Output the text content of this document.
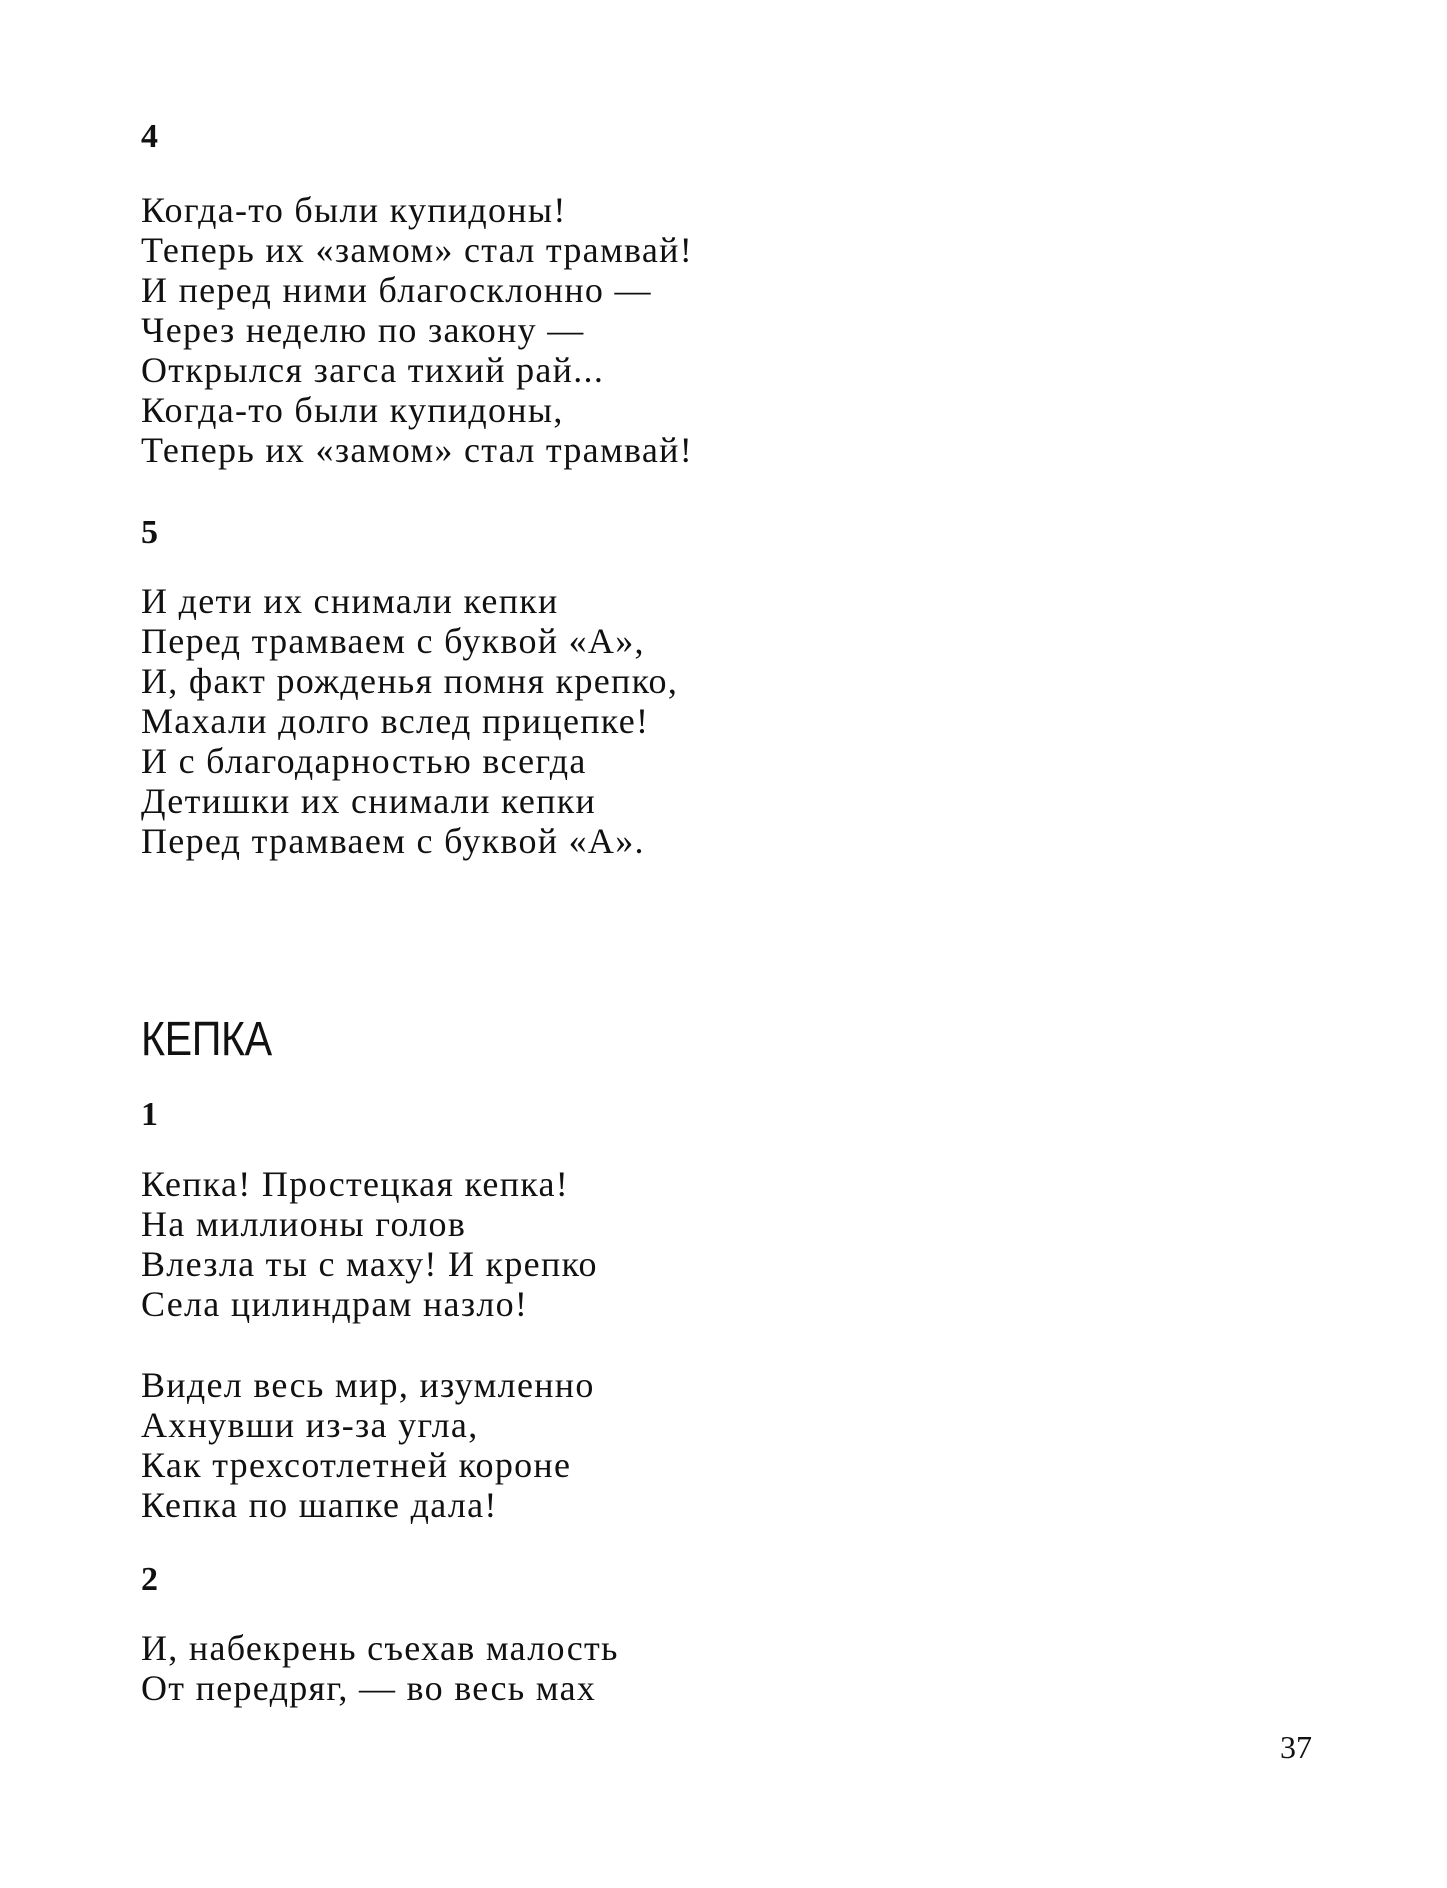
4

Когда-то были купидоны!
Теперь их «замом» стал трамвай!
И перед ними благосклонно —
Через неделю по закону —
Открылся загса тихий рай...
Когда-то были купидоны,
Теперь их «замом» стал трамвай!

5

И дети их снимали кепки
Перед трамваем с буквой «А»,
И, факт рожденья помня крепко,
Махали долго вслед прицепке!
И с благодарностью всегда
Детишки их снимали кепки
Перед трамваем с буквой «А».
КЕПКА

1

Кепка! Простецкая кепка!
На миллионы голов
Влезла ты с маху! И крепко
Села цилиндрам назло!
Видел весь мир, изумленно
Ахнувши из-за угла,
Как трехсотлетней короне
Кепка по шапке дала!

2

И, набекрень съехав малость
От передряг, — во весь мах
37
